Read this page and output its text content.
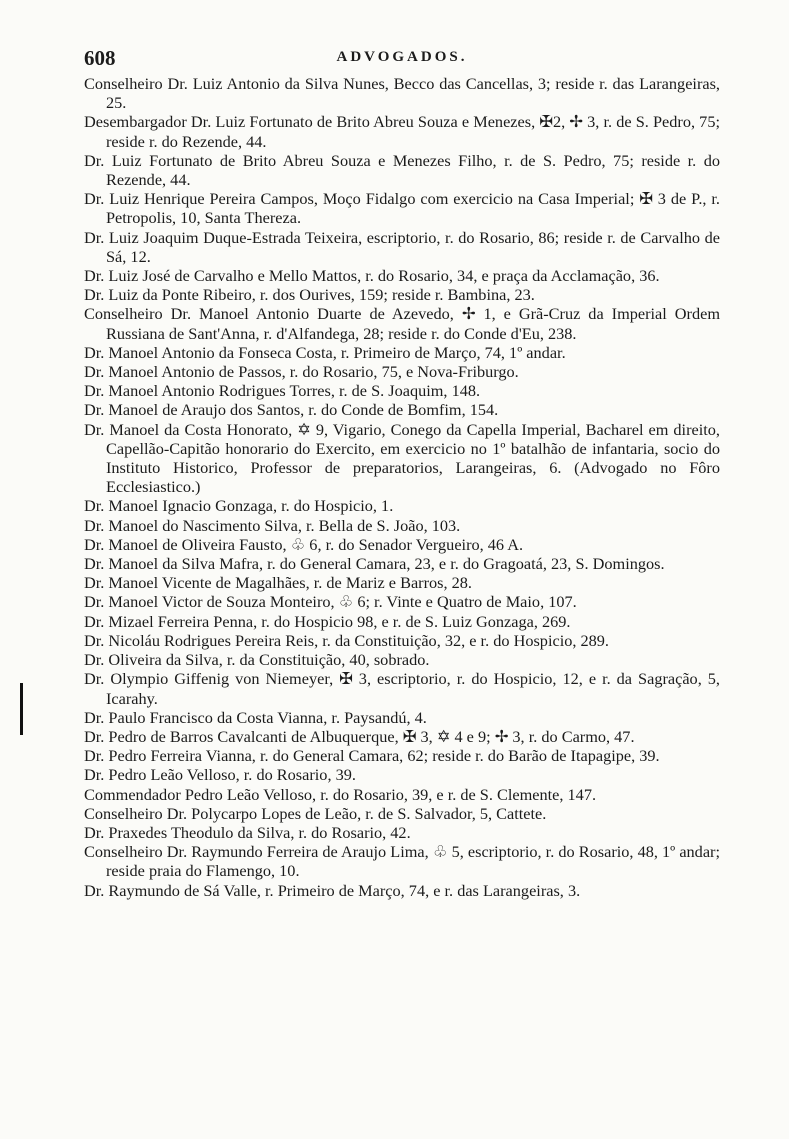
608	ADVOGADOS.

Conselheiro Dr. Luiz Antonio da Silva Nunes, Becco das Cancellas, 3; reside r. das Larangeiras, 25.

Desembargador Dr. Luiz Fortunato de Brito Abreu Souza e Menezes, ✠2, ✢ 3, r. de S. Pedro, 75; reside r. do Rezende, 44.

Dr. Luiz Fortunato de Brito Abreu Souza e Menezes Filho, r. de S. Pedro, 75; reside r. do Rezende, 44.

Dr. Luiz Henrique Pereira Campos, Moço Fidalgo com exercicio na Casa Imperial; ✠ 3 de P., r. Petropolis, 10, Santa Thereza.

Dr. Luiz Joaquim Duque-Estrada Teixeira, escriptorio, r. do Rosario, 86; reside r. de Carvalho de Sá, 12.

Dr. Luiz José de Carvalho e Mello Mattos, r. do Rosario, 34, e praça da Acclamação, 36.

Dr. Luiz da Ponte Ribeiro, r. dos Ourives, 159; reside r. Bambina, 23.

Conselheiro Dr. Manoel Antonio Duarte de Azevedo, ✢ 1, e Grã-Cruz da Imperial Ordem Russiana de Sant'Anna, r. d'Alfandega, 28; reside r. do Conde d'Eu, 238.

Dr. Manoel Antonio da Fonseca Costa, r. Primeiro de Março, 74, 1º andar.

Dr. Manoel Antonio de Passos, r. do Rosario, 75, e Nova-Friburgo.

Dr. Manoel Antonio Rodrigues Torres, r. de S. Joaquim, 148.

Dr. Manoel de Araujo dos Santos, r. do Conde de Bomfim, 154.

Dr. Manoel da Costa Honorato, ✡ 9, Vigario, Conego da Capella Imperial, Bacharel em direito, Capellão-Capitão honorario do Exercito, em exercicio no 1º batalhão de infantaria, socio do Instituto Historico, Professor de preparatorios, Larangeiras, 6. (Advogado no Fôro Ecclesiastico.)

Dr. Manoel Ignacio Gonzaga, r. do Hospicio, 1.

Dr. Manoel do Nascimento Silva, r. Bella de S. João, 103.

Dr. Manoel de Oliveira Fausto, ♧ 6, r. do Senador Vergueiro, 46 A.

Dr. Manoel da Silva Mafra, r. do General Camara, 23, e r. do Gragoatá, 23, S. Domingos.

Dr. Manoel Vicente de Magalhães, r. de Mariz e Barros, 28.

Dr. Manoel Victor de Souza Monteiro, ♧ 6; r. Vinte e Quatro de Maio, 107.

Dr. Mizael Ferreira Penna, r. do Hospicio 98, e r. de S. Luiz Gonzaga, 269.

Dr. Nicoláu Rodrigues Pereira Reis, r. da Constituição, 32, e r. do Hospicio, 289.

Dr. Oliveira da Silva, r. da Constituição, 40, sobrado.

Dr. Olympio Giffenig von Niemeyer, ✠ 3, escriptorio, r. do Hospicio, 12, e r. da Sagração, 5, Icarahy.

Dr. Paulo Francisco da Costa Vianna, r. Paysandú, 4.

Dr. Pedro de Barros Cavalcanti de Albuquerque, ✠ 3, ✡ 4 e 9; ✢ 3, r. do Carmo, 47.

Dr. Pedro Ferreira Vianna, r. do General Camara, 62; reside r. do Barão de Itapagipe, 39.

Dr. Pedro Leão Velloso, r. do Rosario, 39.

Commendador Pedro Leão Velloso, r. do Rosario, 39, e r. de S. Clemente, 147.

Conselheiro Dr. Polycarpo Lopes de Leão, r. de S. Salvador, 5, Cattete.

Dr. Praxedes Theodulo da Silva, r. do Rosario, 42.

Conselheiro Dr. Raymundo Ferreira de Araujo Lima, ♧ 5, escriptorio, r. do Rosario, 48, 1º andar; reside praia do Flamengo, 10.

Dr. Raymundo de Sá Valle, r. Primeiro de Março, 74, e r. das Larangeiras, 3.
